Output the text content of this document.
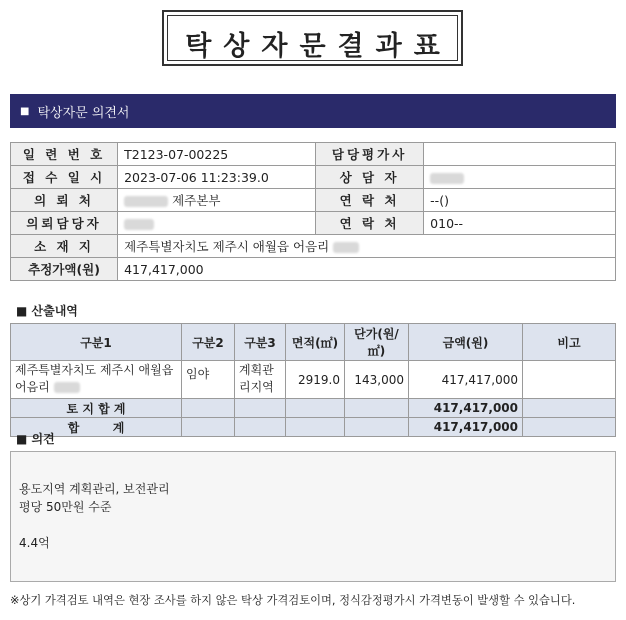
탁상자문결과표
■ 탁상자문 의견서
일 련 번 호	T2123-07-00225	담당평가사	
접 수 일 시	2023-07-06 11:23:39.0	상 담 자	
의 뢰 처	제주본부	연 락 처	--()
의뢰담당자		연 락 처	010--
소 재 지	제주특별자치도 제주시 애월읍 어음리		
추정가액(원)	417,417,000		
■ 산출내역
구분1	구분2	구분3	면적(㎡)	단가(원/㎡)	금액(원)	비고
제주특별자치도 제주시 애월읍 어음리	임야	계획관리지역	2919.0	143,000	417,417,000	
토 지 합 계					417,417,000	
합        계					417,417,000	
■ 의견
용도지역 계획관리, 보전관리
평당 50만원 수준
4.4억
※상기 가격검토 내역은 현장 조사를 하지 않은 탁상 가격검토이며, 정식감정평가시 가격변동이 발생할 수 있습니다.
